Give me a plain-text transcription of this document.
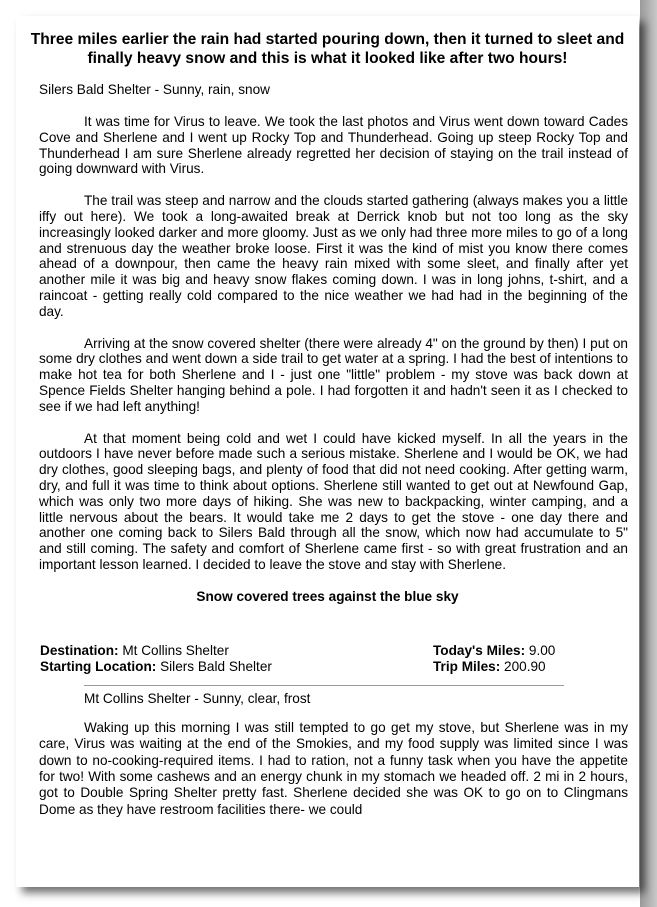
Three miles earlier the rain had started pouring down, then it turned to sleet and finally heavy snow and this is what it looked like after two hours!
Silers Bald Shelter - Sunny, rain, snow

It was time for Virus to leave. We took the last photos and Virus went down toward Cades Cove and Sherlene and I went up Rocky Top and Thunderhead. Going up steep Rocky Top and Thunderhead I am sure Sherlene already regretted her decision of staying on the trail instead of going downward with Virus.

The trail was steep and narrow and the clouds started gathering (always makes you a little iffy out here). We took a long-awaited break at Derrick knob but not too long as the sky increasingly looked darker and more gloomy. Just as we only had three more miles to go of a long and strenuous day the weather broke loose. First it was the kind of mist you know there comes ahead of a downpour, then came the heavy rain mixed with some sleet, and finally after yet another mile it was big and heavy snow flakes coming down. I was in long johns, t-shirt, and a raincoat - getting really cold compared to the nice weather we had had in the beginning of the day.

Arriving at the snow covered shelter (there were already 4" on the ground by then) I put on some dry clothes and went down a side trail to get water at a spring. I had the best of intentions to make hot tea for both Sherlene and I - just one "little" problem - my stove was back down at Spence Fields Shelter hanging behind a pole. I had forgotten it and hadn't seen it as I checked to see if we had left anything!

At that moment being cold and wet I could have kicked myself. In all the years in the outdoors I have never before made such a serious mistake. Sherlene and I would be OK, we had dry clothes, good sleeping bags, and plenty of food that did not need cooking. After getting warm, dry, and full it was time to think about options. Sherlene still wanted to get out at Newfound Gap, which was only two more days of hiking. She was new to backpacking, winter camping, and a little nervous about the bears. It would take me 2 days to get the stove - one day there and another one coming back to Silers Bald through all the snow, which now had accumulate to 5" and still coming. The safety and comfort of Sherlene came first - so with great frustration and an important lesson learned. I decided to leave the stove and stay with Sherlene.

Snow covered trees against the blue sky
Destination: Mt Collins Shelter	Today's Miles: 9.00
Starting Location: Silers Bald Shelter	Trip Miles: 200.90
Mt Collins Shelter - Sunny, clear, frost

Waking up this morning I was still tempted to go get my stove, but Sherlene was in my care, Virus was waiting at the end of the Smokies, and my food supply was limited since I was down to no-cooking-required items. I had to ration, not a funny task when you have the appetite for two! With some cashews and an energy chunk in my stomach we headed off. 2 mi in 2 hours, got to Double Spring Shelter pretty fast. Sherlene decided she was OK to go on to Clingmans Dome as they have restroom facilities there- we could
